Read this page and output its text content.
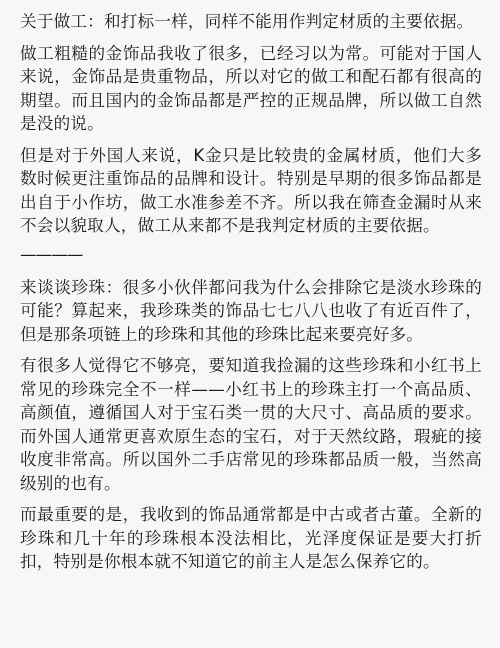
关于做工：和打标一样，同样不能用作判定材质的主要依据。

做工粗糙的金饰品我收了很多，已经习以为常。可能对于国人来说，金饰品是贵重物品，所以对它的做工和配石都有很高的期望。而且国内的金饰品都是严控的正规品牌，所以做工自然是没的说。

但是对于外国人来说，K金只是比较贵的金属材质，他们大多数时候更注重饰品的品牌和设计。特别是早期的很多饰品都是出自于小作坊，做工水准参差不齐。所以我在筛查金漏时从来不会以貌取人，做工从来都不是我判定材质的主要依据。

————

来谈谈珍珠：很多小伙伴都问我为什么会排除它是淡水珍珠的可能？算起来，我珍珠类的饰品七七八八也收了有近百件了，但是那条项链上的珍珠和其他的珍珠比起来要亮好多。

有很多人觉得它不够亮，要知道我捡漏的这些珍珠和小红书上常见的珍珠完全不一样——小红书上的珍珠主打一个高品质、高颜值，遵循国人对于宝石类一贯的大尺寸、高品质的要求。而外国人通常更喜欢原生态的宝石，对于天然纹路，瑕疵的接收度非常高。所以国外二手店常见的珍珠都品质一般，当然高级别的也有。

而最重要的是，我收到的饰品通常都是中古或者古董。全新的珍珠和几十年的珍珠根本没法相比，光泽度保证是要大打折扣，特别是你根本就不知道它的前主人是怎么保养它的。
